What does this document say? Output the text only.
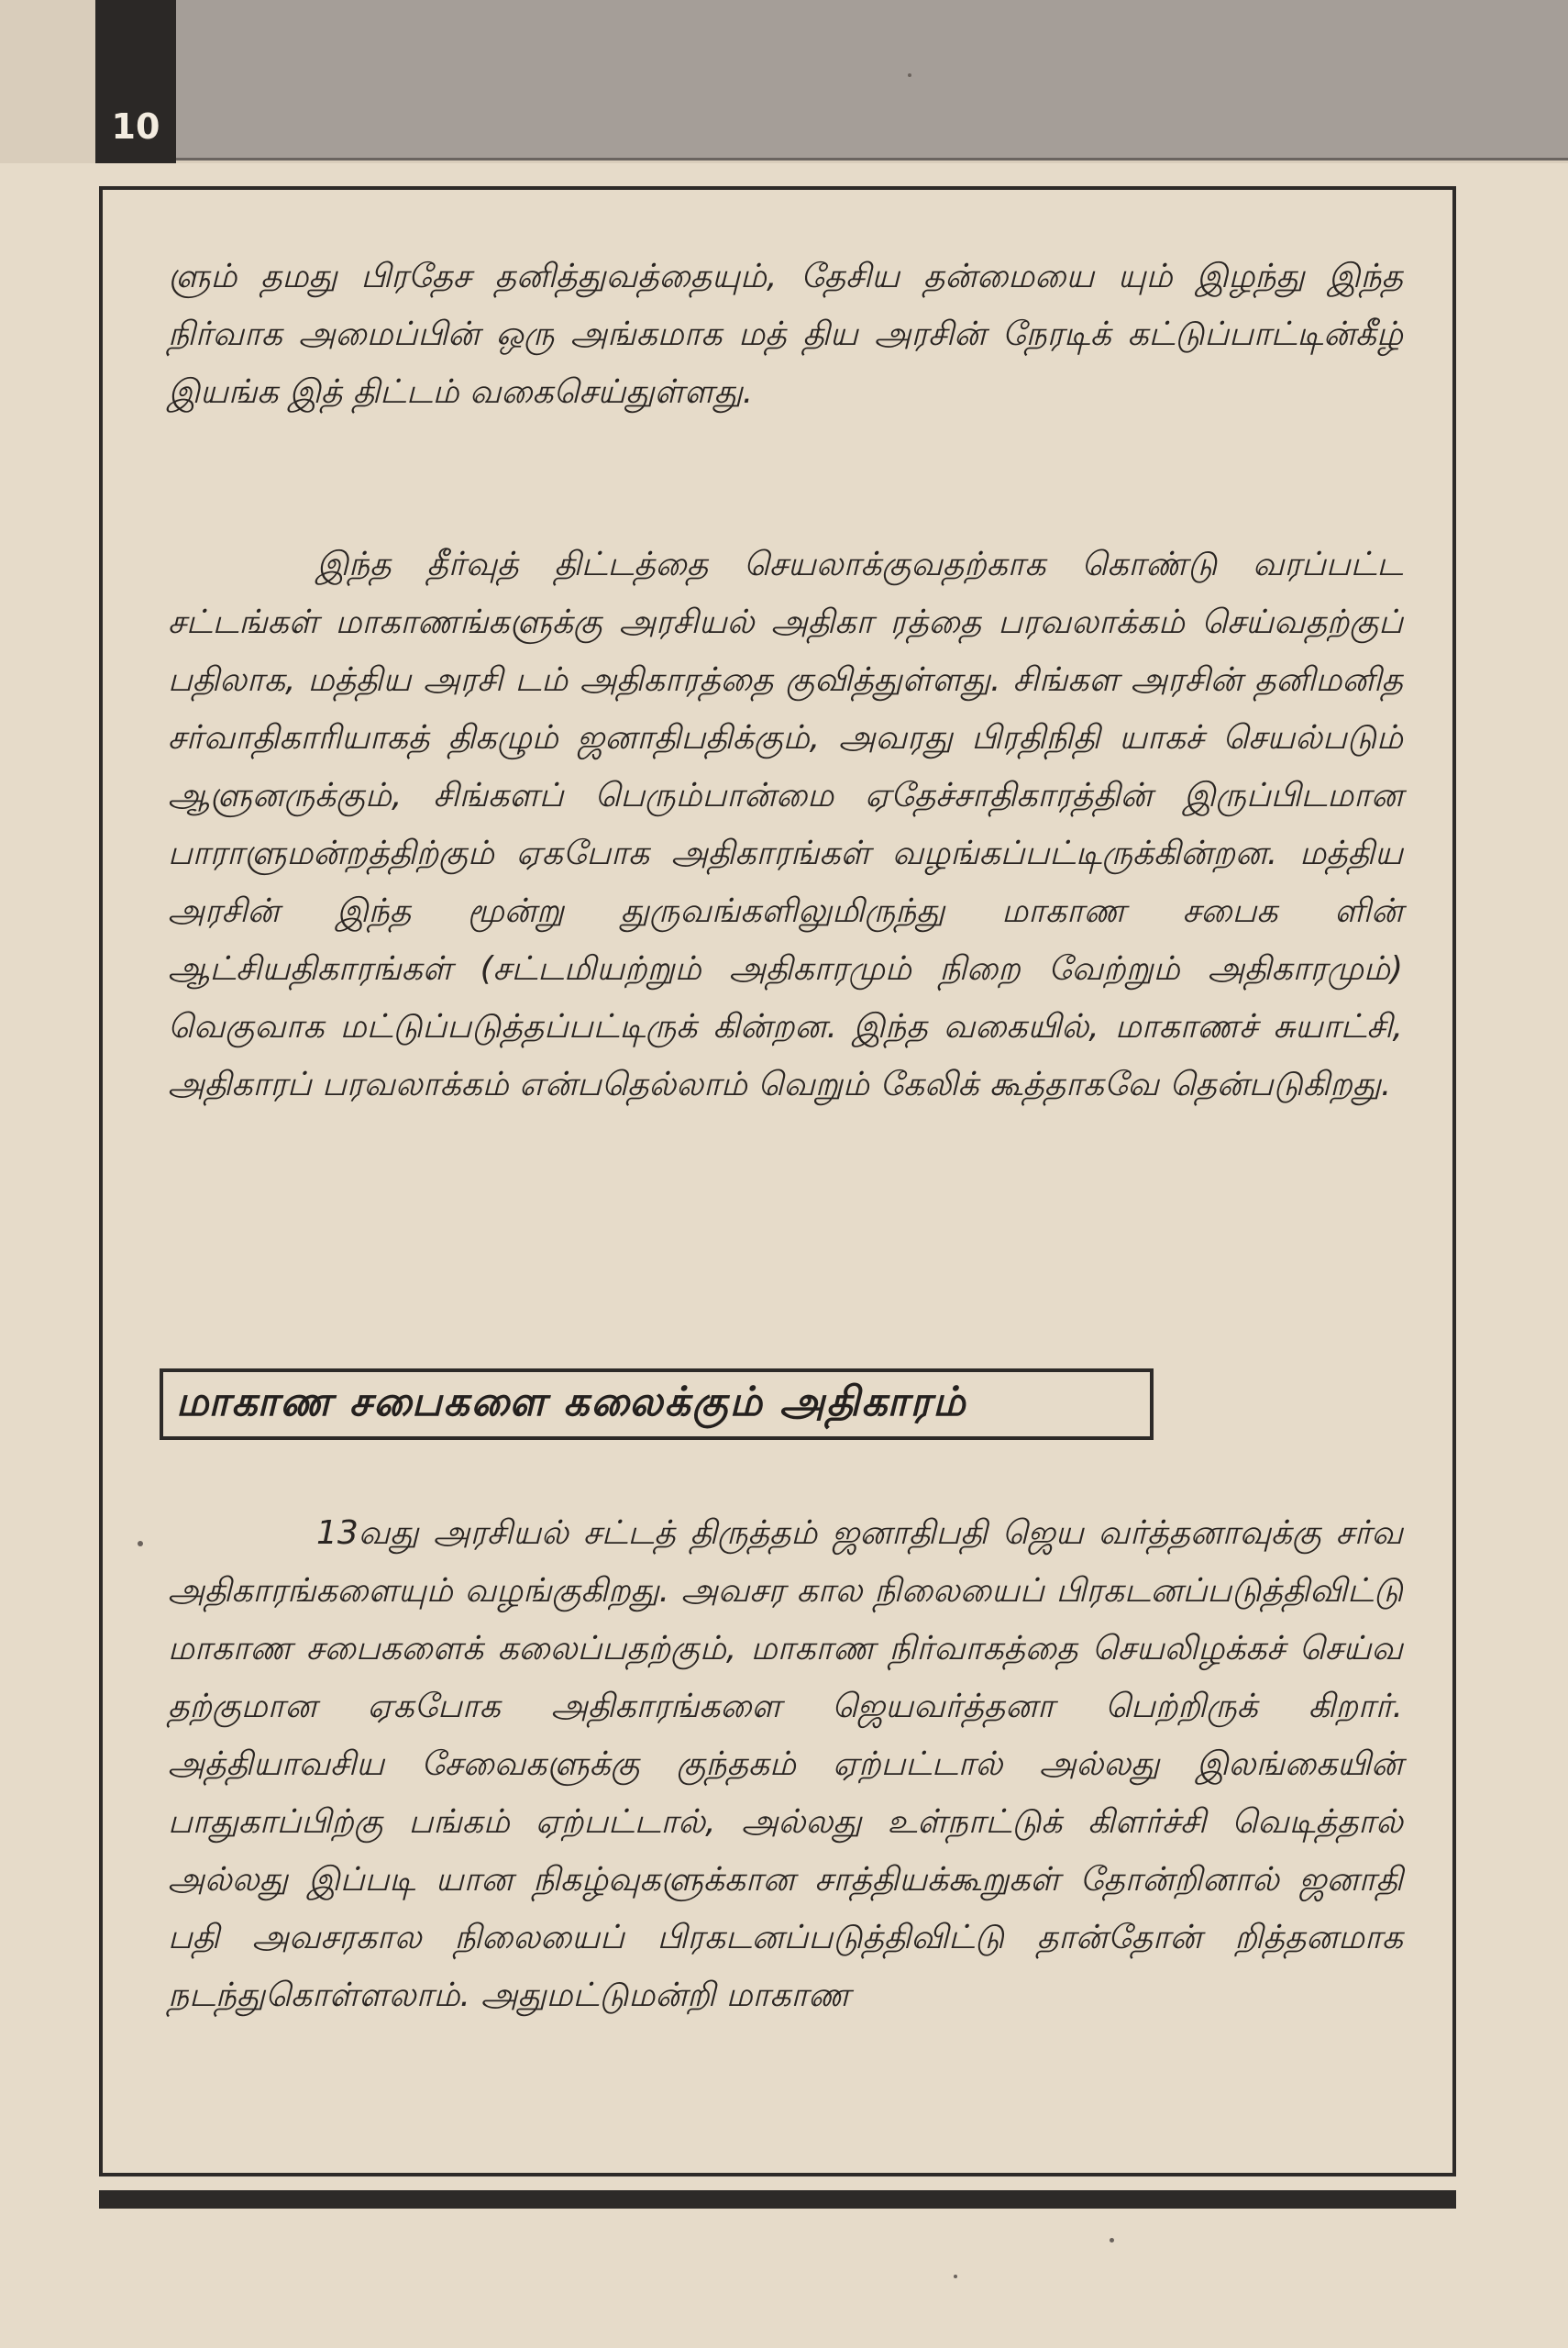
10

ளும் தமது பிரதேச தனித்துவத்தையும், தேசிய தன்மையை யும் இழந்து இந்த நிர்வாக அமைப்பின் ஒரு அங்கமாக மத் திய அரசின் நேரடிக் கட்டுப்பாட்டின்கீழ் இயங்க இத் திட்டம் வகைசெய்துள்ளது.

இந்த தீர்வுத் திட்டத்தை செயலாக்குவதற்காக கொண்டு வரப்பட்ட சட்டங்கள் மாகாணங்களுக்கு அரசியல் அதிகா ரத்தை பரவலாக்கம் செய்வதற்குப் பதிலாக, மத்திய அரசி டம் அதிகாரத்தை குவித்துள்ளது. சிங்கள அரசின் தனிமனித சர்வாதிகாரியாகத் திகழும் ஜனாதிபதிக்கும், அவரது பிரதிநிதி யாகச் செயல்படும் ஆளுனருக்கும், சிங்களப் பெரும்பான்மை ஏதேச்சாதிகாரத்தின் இருப்பிடமான பாராளுமன்றத்திற்கும் ஏகபோக அதிகாரங்கள் வழங்கப்பட்டிருக்கின்றன. மத்திய அரசின் இந்த மூன்று துருவங்களிலுமிருந்து மாகாண சபைக ளின் ஆட்சியதிகாரங்கள் (சட்டமியற்றும் அதிகாரமும் நிறை வேற்றும் அதிகாரமும்) வெகுவாக மட்டுப்படுத்தப்பட்டிருக் கின்றன. இந்த வகையில், மாகாணச் சுயாட்சி, அதிகாரப் பரவலாக்கம் என்பதெல்லாம் வெறும் கேலிக் கூத்தாகவே தென்படுகிறது.

மாகாண சபைகளை கலைக்கும் அதிகாரம்

13வது அரசியல் சட்டத் திருத்தம் ஜனாதிபதி ஜெய வர்த்தனாவுக்கு சர்வ அதிகாரங்களையும் வழங்குகிறது. அவசர கால நிலையைப் பிரகடனப்படுத்திவிட்டு மாகாண சபைகளைக் கலைப்பதற்கும், மாகாண நிர்வாகத்தை செயலிழக்கச் செய்வ தற்குமான ஏகபோக அதிகாரங்களை ஜெயவர்த்தனா பெற்றிருக் கிறார். அத்தியாவசிய சேவைகளுக்கு குந்தகம் ஏற்பட்டால் அல்லது இலங்கையின் பாதுகாப்பிற்கு பங்கம் ஏற்பட்டால், அல்லது உள்நாட்டுக் கிளர்ச்சி வெடித்தால் அல்லது இப்படி யான நிகழ்வுகளுக்கான சாத்தியக்கூறுகள் தோன்றினால் ஜனாதி பதி அவசரகால நிலையைப் பிரகடனப்படுத்திவிட்டு தான்தோன் றித்தனமாக நடந்துகொள்ளலாம். அதுமட்டுமன்றி மாகாண
